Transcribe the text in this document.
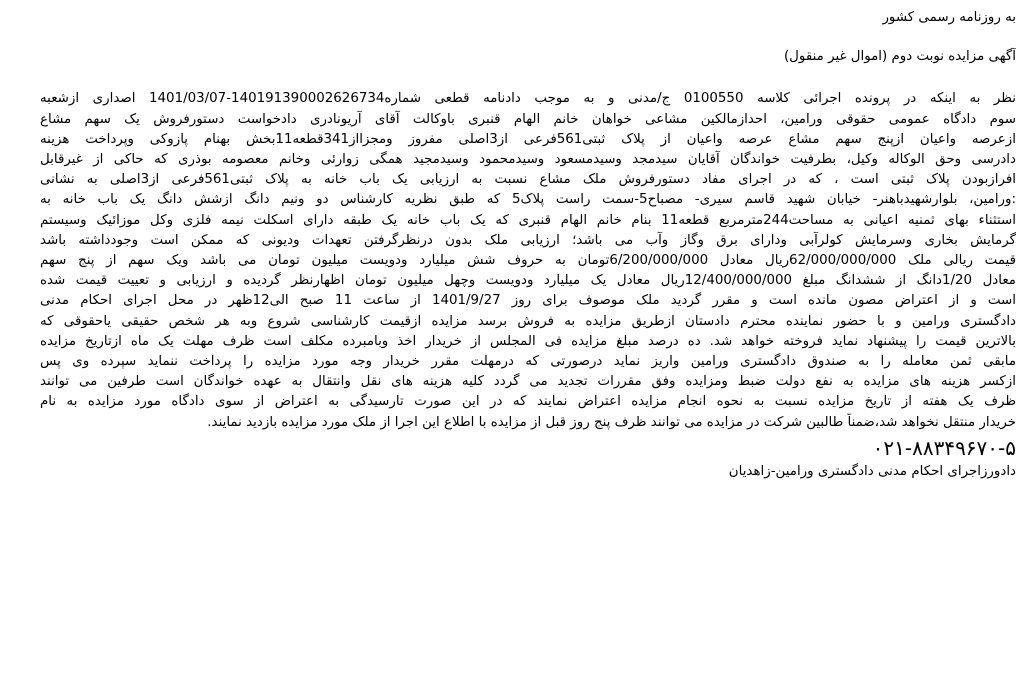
به روزنامه رسمی کشور
آگهی مزایده نوبت دوم (اموال غیر منقول)
نظر به اینکه در پرونده اجرائی کلاسه 0100550 ج/مدنی و به موجب دادنامه قطعی شماره140191390002626734-1401/03/07 اصداری ازشعبه
سوم دادگاه عمومی حقوقی ورامین، احدازمالکین مشاعی خواهان خانم الهام قنبری باوکالت آقای آریونادری دادخواست دستورفروش یک سهم مشاع
ازعرصه واعیان ازپنج سهم مشاع عرصه واعیان از پلاک ثبتی561فرعی از3اصلی مفروز ومجزااز341قطعه11بخش بهنام پازوکی وپرداخت هزینه
دادرسی وحق الوکاله وکیل، بطرفیت خواندگان آقایان سیدمجد وسیدمسعود وسیدمحمود وسیدمجید همگی زوارئی وخانم معصومه بوذری که حاکی از غیرقابل
افرازبودن پلاک ثبتی است ، که در اجرای مفاد دستورفروش ملک مشاع نسبت به ارزیابی یک باب خانه به پلاک ثبتی561فرعی از3اصلی به نشانی
:ورامین، بلوارشهیدباهنر- خیابان شهید قاسم سیری- مصباح5-سمت راست پلاک5 که طبق نظریه کارشناس دو ونیم دانگ ازشش دانگ یک باب خانه به
استثناء بهای ثمنیه اعیانی به مساحت244مترمربع قطعه11 بنام خانم الهام قنبری که یک باب خانه یک طبقه دارای اسکلت نیمه فلزی وکل موزائیک وسیستم
گرمایش بخاری وسرمایش کولرآبی ودارای برق وگاز وآب می باشد؛ ارزیابی ملک بدون درنظرگرفتن تعهدات ودیونی که ممکن است وجودداشته باشد
قیمت ریالی ملک 62/000/000/000ریال معادل 6/200/000/000تومان به حروف شش میلیارد ودویست میلیون تومان می باشد ویک سهم از پنج سهم
معادل 1/20دانگ از ششدانگ مبلغ 12/400/000/000ریال معادل یک میلیارد ودویست وچهل میلیون تومان اظهارنظر گردیده و ارزیابی و تعییت قیمت شده
است و از اعتراض مصون مانده است و مقرر گردید ملک موصوف برای روز 1401/9/27 از ساعت 11 صبح الی12ظهر در محل اجرای احکام مدنی
دادگستری ورامین و با حضور نماینده محترم دادستان ازطریق مزایده به فروش برسد مزایده ازقیمت کارشناسی شروع وبه هر شخص حقیقی یاحقوقی که
بالاترین قیمت را پیشنهاد نماید فروخته خواهد شد. ده درصد مبلغ مزایده فی المجلس از خریدار اخذ وبامبرده مکلف است ظرف مهلت یک ماه ازتاریخ مزایده
مابقی ثمن معامله را به صندوق دادگستری ورامین واریز نماید درصورتی که درمهلت مقرر خریدار وجه مورد مزایده را پرداخت ننماید سپرده وی پس
ازکسر هزینه های مزایده به نفع دولت ضبط ومزایده وفق مقررات تجدید می گردد کلیه هزینه های نقل وانتقال به عهده خواندگان است طرفین می توانند
ظرف یک هفته از تاریخ مزایده نسبت به نحوه انجام مزایده اعتراض نمایند که در این صورت تارسیدگی به اعتراض از سوی دادگاه مورد مزایده به نام
خریدار منتقل نخواهد شد،ضمناً طالبین شرکت در مزایده می توانند ظرف پنج روز قبل از مزایده با اطلاع این اجرا از ملک مورد مزایده بازدید نمایند.
۰۲۱-۸۸۳۴۹۶۷۰-۵
دادورزاجرای احکام مدنی دادگستری ورامین-زاهدیان
